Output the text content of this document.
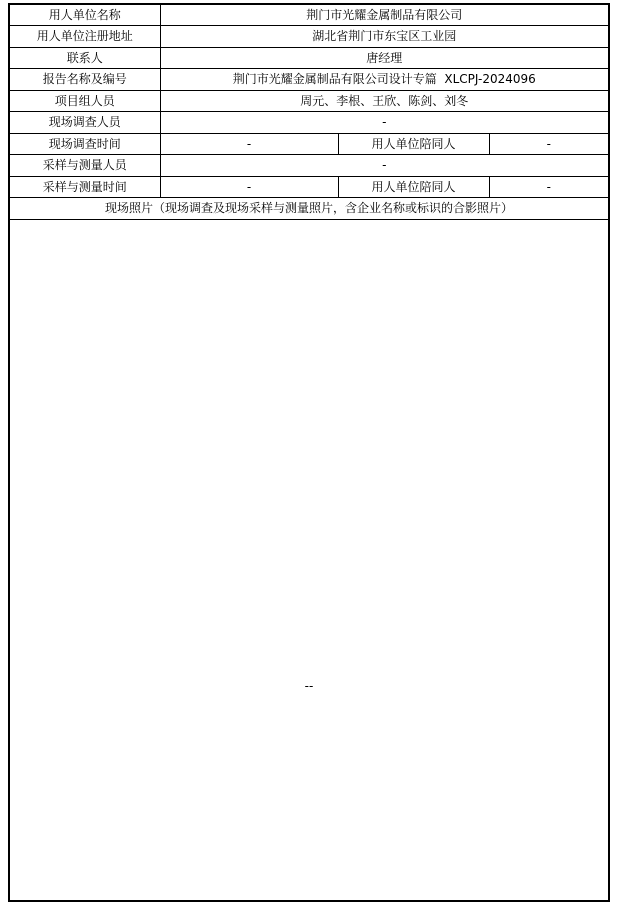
用人单位名称	荆门市光耀金属制品有限公司		
用人单位注册地址	湖北省荆门市东宝区工业园		
联系人	唐经理		
报告名称及编号	荆门市光耀金属制品有限公司设计专篇  XLCPJ-2024096		
项目组人员	周元、李根、王欣、陈剑、刘冬		
现场调查人员	-		
现场调查时间	-	用人单位陪同人	-
采样与测量人员	-		
采样与测量时间	-	用人单位陪同人	-
现场照片（现场调查及现场采样与测量照片，含企业名称或标识的合影照片）			

--			
